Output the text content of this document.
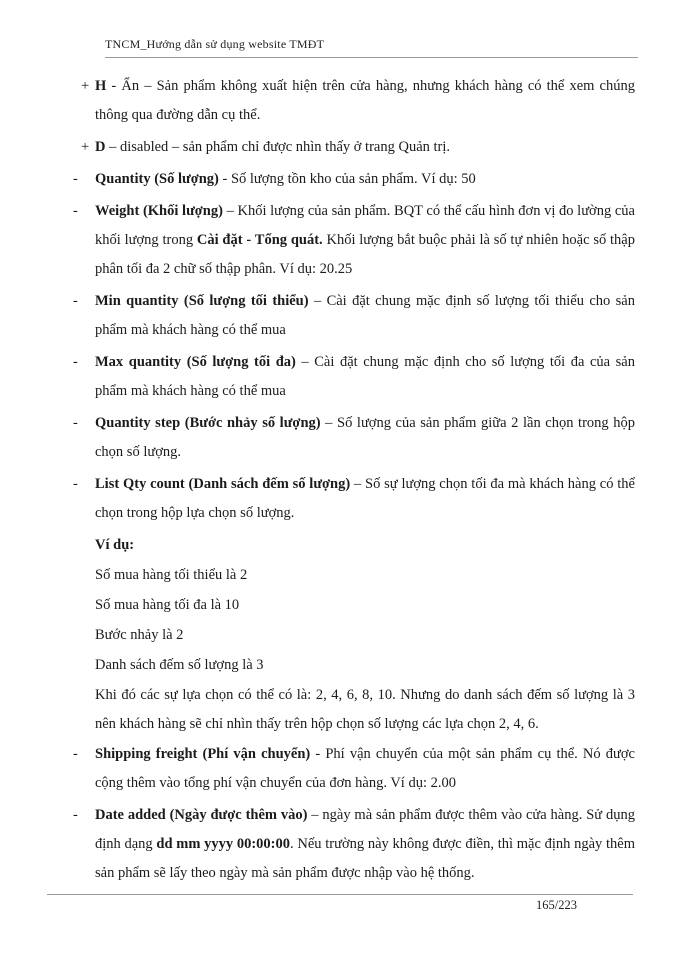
TNCM_Hướng dẫn sử dụng website TMĐT
+ H - Ẩn – Sản phẩm không xuất hiện trên cửa hàng, nhưng khách hàng có thể xem chúng thông qua đường dẫn cụ thể.
+ D – disabled – sản phẩm chỉ được nhìn thấy ở trang Quản trị.
-	Quantity (Số lượng) - Số lượng tồn kho của sản phẩm. Ví dụ: 50
-	Weight (Khối lượng) – Khối lượng của sản phẩm. BQT có thể cấu hình đơn vị đo lường của khối lượng trong Cài đặt - Tổng quát. Khối lượng bắt buộc phải là số tự nhiên hoặc số thập phân tối đa 2 chữ số thập phân. Ví dụ: 20.25
-	Min quantity (Số lượng tối thiểu) – Cài đặt chung mặc định số lượng tối thiểu cho sản phẩm mà khách hàng có thể mua
-	Max quantity (Số lượng tối đa) – Cài đặt chung mặc định cho số lượng tối đa của sản phẩm mà khách hàng có thể mua
-	Quantity step (Bước nhảy số lượng) – Số lượng của sản phẩm giữa 2 lần chọn trong hộp chọn số lượng.
-	List Qty count (Danh sách đếm số lượng) – Số sự lượng chọn tối đa mà khách hàng có thể chọn trong hộp lựa chọn số lượng.
Ví dụ:
Số mua hàng tối thiểu là 2
Số mua hàng tối đa là 10
Bước nhảy là 2
Danh sách đếm số lượng là 3
Khi đó các sự lựa chọn có thể có là: 2, 4, 6, 8, 10. Nhưng do danh sách đếm số lượng là 3 nên khách hàng sẽ chỉ nhìn thấy trên hộp chọn số lượng các lựa chọn 2, 4, 6.
-	Shipping freight (Phí vận chuyển) - Phí vận chuyển của một sản phẩm cụ thể. Nó được cộng thêm vào tổng phí vận chuyển của đơn hàng. Ví dụ: 2.00
-	Date added (Ngày được thêm vào) – ngày mà sản phẩm được thêm vào cửa hàng. Sử dụng định dạng dd mm yyyy 00:00:00. Nếu trường này không được điền, thì mặc định ngày thêm sản phẩm sẽ lấy theo ngày mà sản phẩm được nhập vào hệ thống.
165/223
